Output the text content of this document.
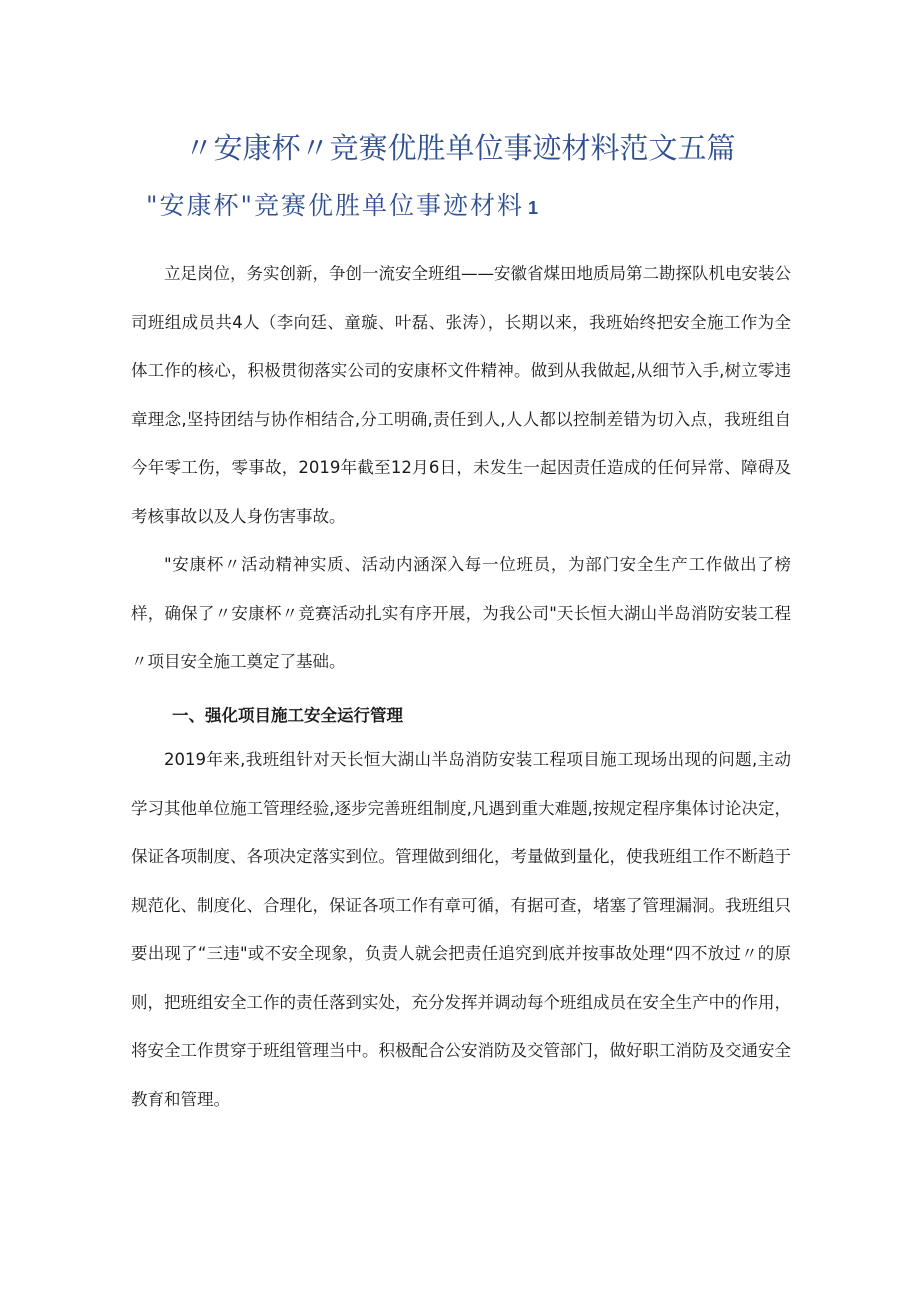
〃安康杯〃竞赛优胜单位事迹材料范文五篇
"安康杯"竞赛优胜单位事迹材料 1

立足岗位，务实创新，争创一流安全班组——安徽省煤田地质局第二勘探队机电安装公司班组成员共4人（李向廷、童璇、叶磊、张涛），长期以来，我班始终把安全施工作为全体工作的核心，积极贯彻落实公司的安康杯文件精神。做到从我做起,从细节入手,树立零违章理念,坚持团结与协作相结合,分工明确,责任到人,人人都以控制差错为切入点，我班组自今年零工伤，零事故，2019年截至12月6日，未发生一起因责任造成的任何异常、障碍及考核事故以及人身伤害事故。

"安康杯〃活动精神实质、活动内涵深入每一位班员，为部门安全生产工作做出了榜样，确保了〃安康杯〃竞赛活动扎实有序开展，为我公司"天长恒大湖山半岛消防安装工程〃项目安全施工奠定了基础。

一、强化项目施工安全运行管理

2019年来,我班组针对天长恒大湖山半岛消防安装工程项目施工现场出现的问题,主动学习其他单位施工管理经验,逐步完善班组制度,凡遇到重大难题,按规定程序集体讨论决定，保证各项制度、各项决定落实到位。管理做到细化，考量做到量化，使我班组工作不断趋于规范化、制度化、合理化，保证各项工作有章可循，有据可查，堵塞了管理漏洞。我班组只要出现了“三违"或不安全现象，负责人就会把责任追究到底并按事故处理“四不放过〃的原则，把班组安全工作的责任落到实处，充分发挥并调动每个班组成员在安全生产中的作用，将安全工作贯穿于班组管理当中。积极配合公安消防及交管部门，做好职工消防及交通安全教育和管理。
